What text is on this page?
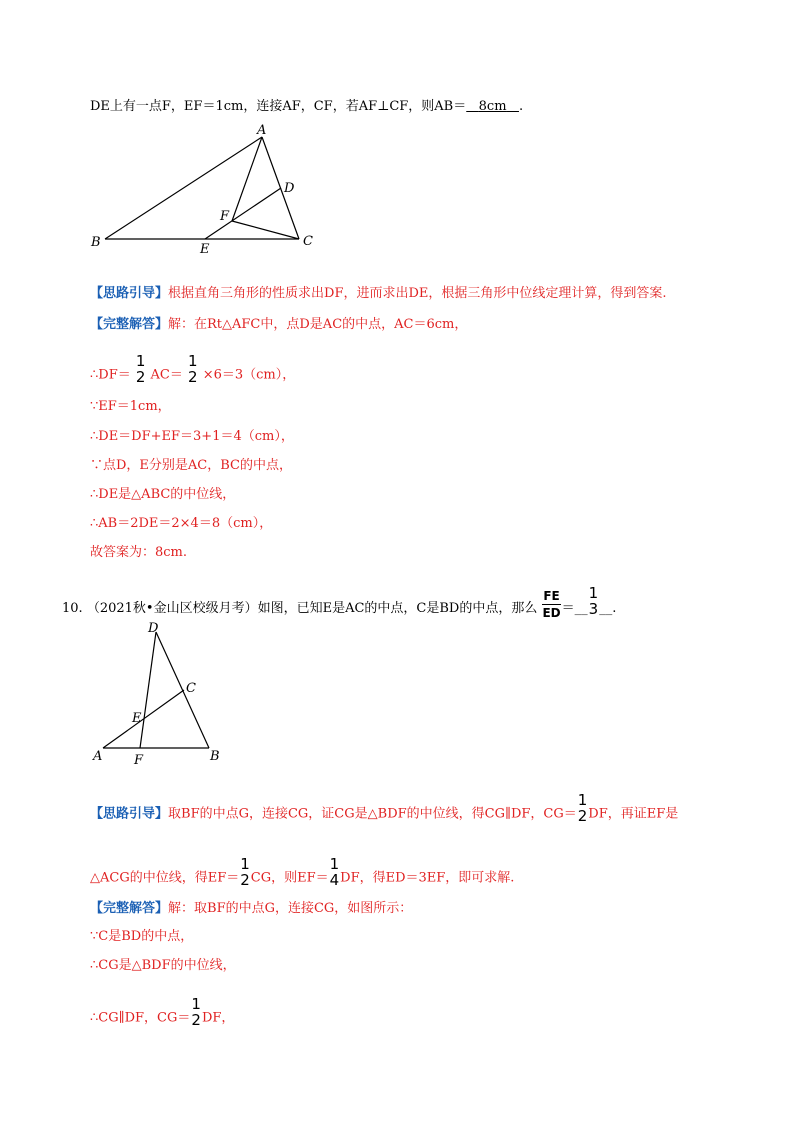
DE上有一点F，EF＝1cm，连接AF，CF，若AF⊥CF，则AB＝ 8cm .
A
B	C
D
E
F
【思路引导】根据直角三角形的性质求出DF，进而求出DE，根据三角形中位线定理计算，得到答案.
【完整解答】解：在Rt△AFC中，点D是AC的中点，AC＝6cm，
∴DF＝
1
2 AC＝
1
2 ×6＝3（cm），
∵EF＝1cm，
∴DE＝DF+EF＝3+1＝4（cm），
∵点D，E分别是AC，BC的中点，
∴DE是△ABC的中位线，
∴AB＝2DE＝2×4＝8（cm），
故答案为：8cm.
10. （2021秋•金山区校级月考）如图，已知E是AC的中点，C是BD的中点，那么 $\frac{FE}{ED}$ ＝__
1
3 __.
D
C
E
A F	B
【思路引导】取BF的中点G，连接CG，证CG是△BDF的中位线，得CG∥DF，CG＝
1
2 DF，再证EF是
△ACG的中位线，得EF＝
1
2 CG，则EF＝
1
4 DF，得ED＝3EF，即可求解.
【完整解答】解：取BF的中点G，连接CG，如图所示：
∵C是BD的中点，
∴CG是△BDF的中位线，
∴CG∥DF，CG＝
1
2 DF，
